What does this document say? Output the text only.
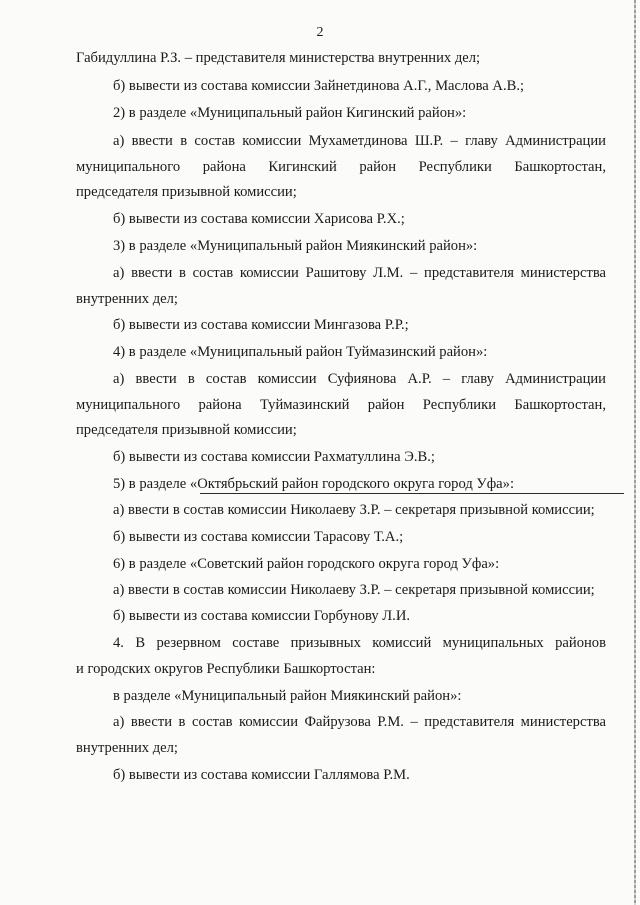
2
Габидуллина Р.З. – представителя министерства внутренних дел;
б) вывести из состава комиссии Зайнетдинова А.Г., Маслова А.В.;
2) в разделе «Муниципальный район Кигинский район»:
а) ввести в состав комиссии Мухаметдинова Ш.Р. – главу Администрации
муниципального района Кигинский район Республики Башкортостан,
председателя призывной комиссии;
б) вывести из состава комиссии Харисова Р.Х.;
3) в разделе «Муниципальный район Миякинский район»:
а) ввести в состав комиссии Рашитову Л.М. – представителя министерства
внутренних дел;
б) вывести из состава комиссии Мингазова Р.Р.;
4) в разделе «Муниципальный район Туймазинский район»:
а) ввести в состав комиссии Суфиянова А.Р. – главу Администрации
муниципального района Туймазинский район Республики Башкортостан,
председателя призывной комиссии;
б) вывести из состава комиссии Рахматуллина Э.В.;
5) в разделе «Октябрьский район городского округа город Уфа»:
а) ввести в состав комиссии Николаеву З.Р. – секретаря призывной комиссии;
б) вывести из состава комиссии Тарасову Т.А.;
6) в разделе «Советский район городского округа город Уфа»:
а) ввести в состав комиссии Николаеву З.Р. – секретаря призывной комиссии;
б) вывести из состава комиссии Горбунову Л.И.
4. В резервном составе призывных комиссий муниципальных районов
и городских округов Республики Башкортостан:
в разделе «Муниципальный район Миякинский район»:
а) ввести в состав комиссии Файрузова Р.М. – представителя министерства
внутренних дел;
б) вывести из состава комиссии Галлямова Р.М.
